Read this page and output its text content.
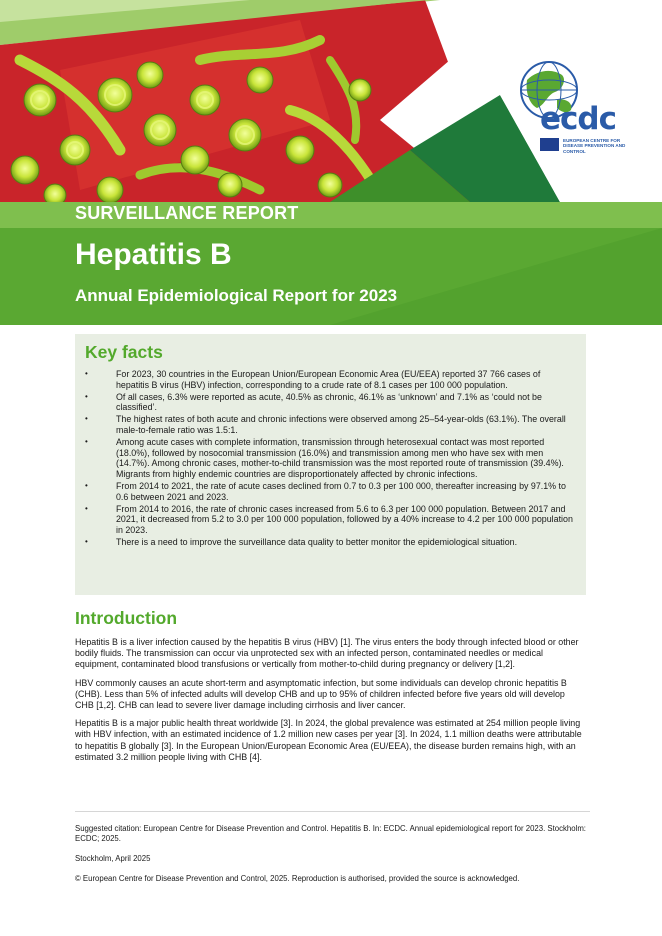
ecdc
EUROPEAN CENTRE FOR DISEASE PREVENTION AND CONTROL
SURVEILLANCE REPORT
Hepatitis B
Annual Epidemiological Report for 2023
Key facts
• For 2023, 30 countries in the European Union/European Economic Area (EU/EEA) reported 37 766 cases of hepatitis B virus (HBV) infection, corresponding to a crude rate of 8.1 cases per 100 000 population.
• Of all cases, 6.3% were reported as acute, 40.5% as chronic, 46.1% as ‘unknown’ and 7.1% as ‘could not be classified’.
• The highest rates of both acute and chronic infections were observed among 25–54-year-olds (63.1%). The overall male-to-female ratio was 1.5:1.
• Among acute cases with complete information, transmission through heterosexual contact was most reported (18.0%), followed by nosocomial transmission (16.0%) and transmission among men who have sex with men (14.7%). Among chronic cases, mother-to-child transmission was the most reported route of transmission (39.4%). Migrants from highly endemic countries are disproportionately affected by chronic infections.
• From 2014 to 2021, the rate of acute cases declined from 0.7 to 0.3 per 100 000, thereafter increasing by 97.1% to 0.6 between 2021 and 2023.
• From 2014 to 2016, the rate of chronic cases increased from 5.6 to 6.3 per 100 000 population. Between 2017 and 2021, it decreased from 5.2 to 3.0 per 100 000 population, followed by a 40% increase to 4.2 per 100 000 population in 2023.
• There is a need to improve the surveillance data quality to better monitor the epidemiological situation.
Introduction

Hepatitis B is a liver infection caused by the hepatitis B virus (HBV) [1]. The virus enters the body through infected blood or other bodily fluids. The transmission can occur via unprotected sex with an infected person, contaminated needles or medical equipment, contaminated blood transfusions or vertically from mother-to-child during pregnancy or delivery [1,2].

HBV commonly causes an acute short-term and asymptomatic infection, but some individuals can develop chronic hepatitis B (CHB). Less than 5% of infected adults will develop CHB and up to 95% of children infected before five years old will develop CHB [1,2]. CHB can lead to severe liver damage including cirrhosis and liver cancer.

Hepatitis B is a major public health threat worldwide [3]. In 2024, the global prevalence was estimated at 254 million people living with HBV infection, with an estimated incidence of 1.2 million new cases per year [3]. In 2024, 1.1 million deaths were attributable to hepatitis B globally [3]. In the European Union/European Economic Area (EU/EEA), the disease burden remains high, with an estimated 3.2 million people living with CHB [4].

Suggested citation: European Centre for Disease Prevention and Control. Hepatitis B. In: ECDC. Annual epidemiological report for 2023. Stockholm: ECDC; 2025.

Stockholm, April 2025

© European Centre for Disease Prevention and Control, 2025. Reproduction is authorised, provided the source is acknowledged.
